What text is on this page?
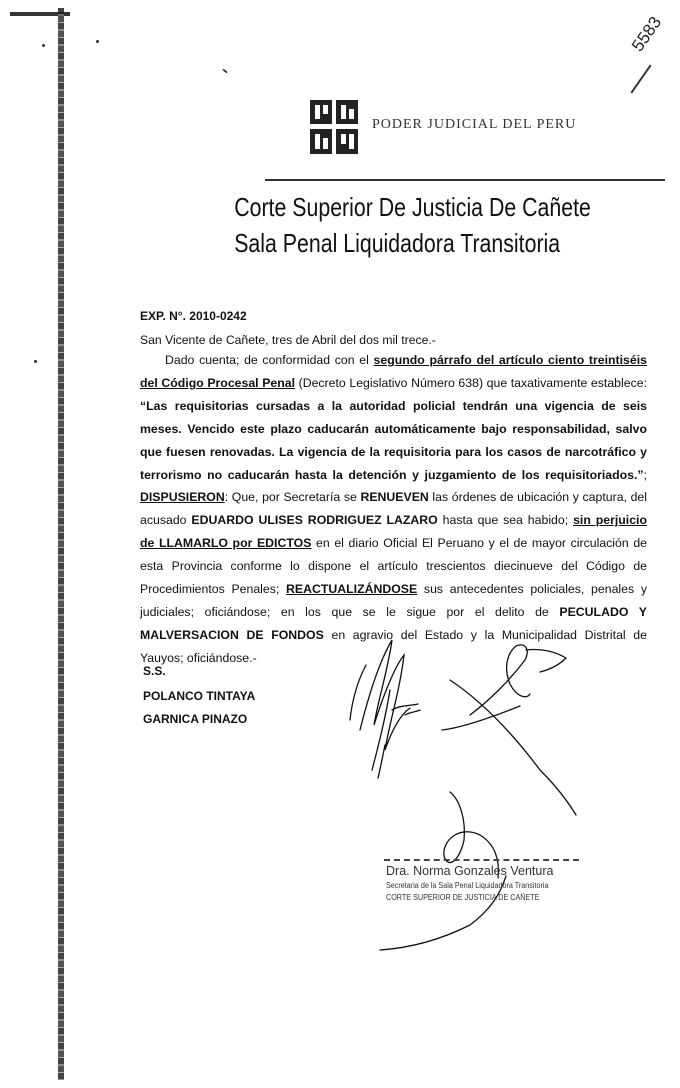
PODER JUDICIAL DEL PERU
5583
Corte Superior De Justicia De Cañete
Sala Penal Liquidadora Transitoria
EXP. N°. 2010-0242
San Vicente de Cañete, tres de Abril del dos mil trece.-
Dado cuenta; de conformidad con el segundo párrafo del artículo ciento treintiséis del Código Procesal Penal (Decreto Legislativo Número 638) que taxativamente establece: “Las requisitorias cursadas a la autoridad policial tendrán una vigencia de seis meses. Vencido este plazo caducarán automáticamente bajo responsabilidad, salvo que fuesen renovadas. La vigencia de la requisitoria para los casos de narcotráfico y terrorismo no caducarán hasta la detención y juzgamiento de los requisitoriados.”; DISPUSIERON: Que, por Secretaría se RENUEVEN las órdenes de ubicación y captura, del acusado EDUARDO ULISES RODRIGUEZ LAZARO hasta que sea habido; sin perjuicio de LLAMARLO por EDICTOS en el diario Oficial El Peruano y el de mayor circulación de esta Provincia conforme lo dispone el artículo trescientos diecinueve del Código de Procedimientos Penales; REACTUALIZÁNDOSE sus antecedentes policiales, penales y judiciales; oficiándose; en los que se le sigue por el delito de PECULADO Y MALVERSACION DE FONDOS en agravio del Estado y la Municipalidad Distrital de Yauyos; oficiándose.-
S.S.
POLANCO TINTAYA
GARNICA PINAZO
Dra. Norma Gonzales Ventura
Secretaria de la Sala Penal Liquidadora Transitoria
CORTE SUPERIOR DE JUSTICIA DE CAÑETE
